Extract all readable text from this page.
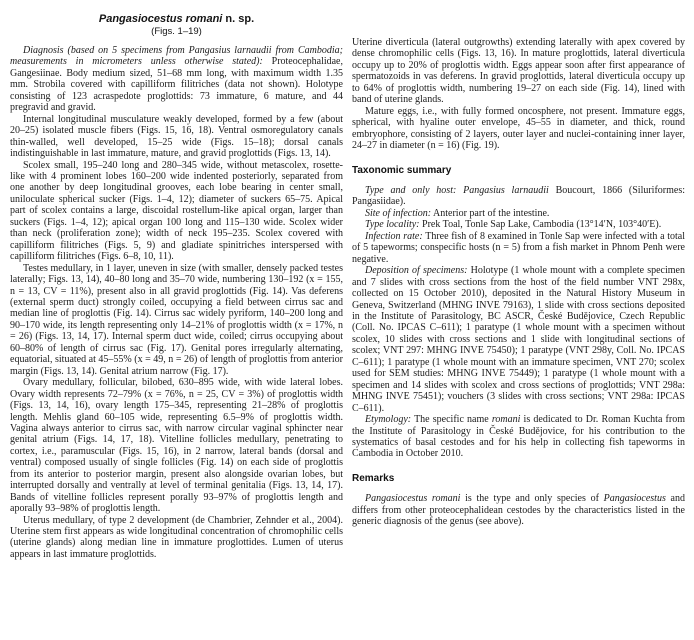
Pangasiocestus romani n. sp.
(Figs. 1–19)

Diagnosis (based on 5 specimens from Pangasius larnaudii from Cambodia; measurements in micrometers unless otherwise stated): Proteocephalidae, Gangesiinae. Body medium sized, 51–68 mm long, with maximum width 1.35 mm. Strobila covered with capilliform filitriches (data not shown). Holotype consisting of 123 acraspedote proglottids: 73 immature, 6 mature, and 44 pregravid and gravid.

Internal longitudinal musculature weakly developed, formed by a few (about 20–25) isolated muscle fibers (Figs. 15, 16, 18). Ventral osmoregulatory canals thin-walled, well developed, 15–25 wide (Figs. 15–18); dorsal canals indistinguishable in last immature, mature, and gravid proglottids (Figs. 13, 14).

Scolex small, 195–240 long and 280–345 wide, without metascolex, rosette-like with 4 prominent lobes 160–200 wide indented posteriorly, separated from one another by deep longitudinal grooves, each lobe bearing in center small, uniloculate spherical sucker (Figs. 1–4, 12); diameter of suckers 65–75. Apical part of scolex contains a large, discoidal rostellum-like apical organ, larger than suckers (Figs. 1–4, 12); apical organ 100 long and 115–130 wide. Scolex wider than neck (proliferation zone); width of neck 195–235. Scolex covered with capilliform filitriches (Figs. 5, 9) and gladiate spinitriches interspersed with capilliform filitriches (Figs. 6–8, 10, 11).

Testes medullary, in 1 layer, uneven in size (with smaller, densely packed testes laterally; Figs. 13, 14), 40–80 long and 35–70 wide, numbering 130–192 (x = 155, n = 13, CV = 11%), present also in all gravid proglottids (Fig. 14). Vas deferens (external sperm duct) strongly coiled, occupying a field between cirrus sac and median line of proglottis (Fig. 14). Cirrus sac widely pyriform, 140–200 long and 90–170 wide, its length representing only 14–21% of proglottis width (x = 17%, n = 26) (Figs. 13, 14, 17). Internal sperm duct wide, coiled; cirrus occupying about 60–80% of length of cirrus sac (Fig. 17). Genital pores irregularly alternating, equatorial, situated at 45–55% (x = 49, n = 26) of length of proglottis from anterior margin (Figs. 13, 14). Genital atrium narrow (Fig. 17).

Ovary medullary, follicular, bilobed, 630–895 wide, with wide lateral lobes. Ovary width represents 72–79% (x = 76%, n = 25, CV = 3%) of proglottis width (Figs. 13, 14, 16), ovary length 175–345, representing 21–28% of proglottis length. Mehlis gland 60–105 wide, representing 6.5–9% of proglottis width. Vagina always anterior to cirrus sac, with narrow circular vaginal sphincter near genital atrium (Figs. 14, 17, 18). Vitelline follicles medullary, penetrating to cortex, i.e., paramuscular (Figs. 15, 16), in 2 narrow, lateral bands (dorsal and ventral) composed usually of single follicles (Fig. 14) on each side of proglottis from its anterior to posterior margin, present also alongside ovarian lobes, but interrupted dorsally and ventrally at level of terminal genitalia (Figs. 13, 14, 17). Bands of vitelline follicles represent porally 93–97% of proglottis length and aporally 93–98% of proglottis length.

Uterus medullary, of type 2 development (de Chambrier, Zehnder et al., 2004). Uterine stem first appears as wide longitudinal concentration of chromophilic cells (uterine glands) along median line in immature proglottides. Lumen of uterus appears in last immature proglottids.

Uterine diverticula (lateral outgrowths) extending laterally with apex covered by dense chromophilic cells (Figs. 13, 16). In mature proglottids, lateral diverticula occupy up to 20% of proglottis width. Eggs appear soon after first appearance of spermatozoids in vas deferens. In gravid proglottids, lateral diverticula occupy up to 64% of proglottis width, numbering 19–27 on each side (Fig. 14), lined with band of uterine glands.

Mature eggs, i.e., with fully formed oncosphere, not present. Immature eggs, spherical, with hyaline outer envelope, 45–55 in diameter, and thick, round embryophore, consisting of 2 layers, outer layer and nuclei-containing inner layer, 24–27 in diameter (n = 16) (Fig. 19).

Taxonomic summary

Type and only host: Pangasius larnaudii Boucourt, 1866 (Siluriformes: Pangasiidae).

Site of infection: Anterior part of the intestine.

Type locality: Prek Toal, Tonle Sap Lake, Cambodia (13°14′N, 103°40′E).

Infection rate: Three fish of 8 examined in Tonle Sap were infected with a total of 5 tapeworms; conspecific hosts (n = 5) from a fish market in Phnom Penh were negative.

Deposition of specimens: Holotype (1 whole mount with a complete specimen and 7 slides with cross sections from the host of the field number VNT 298x, collected on 15 October 2010), deposited in the Natural History Museum in Geneva, Switzerland (MHNG INVE 79163), 1 slide with cross sections deposited in the Institute of Parasitology, BC ASCR, České Budějovice, Czech Republic (Coll. No. IPCAS C–611); 1 paratype (1 whole mount with a specimen without scolex, 10 slides with cross sections and 1 slide with longitudinal sections of scolex; VNT 297: MHNG INVE 75450); 1 paratype (VNT 298y, Coll. No. IPCAS C–611); 1 paratype (1 whole mount with an immature specimen, VNT 270; scolex used for SEM studies: MHNG INVE 75449); 1 paratype (1 whole mount with a specimen and 14 slides with scolex and cross sections of proglottids; VNT 298a: MHNG INVE 75451); vouchers (3 slides with cross sections; VNT 298a: IPCAS C–611).

Etymology: The specific name romani is dedicated to Dr. Roman Kuchta from the Institute of Parasitology in České Budějovice, for his contribution to the systematics of basal cestodes and for his help in collecting fish tapeworms in Cambodia in October 2010.

Remarks

Pangasiocestus romani is the type and only species of Pangasiocestus and differs from other proteocephalidean cestodes by the characteristics listed in the generic diagnosis of the genus (see above).
